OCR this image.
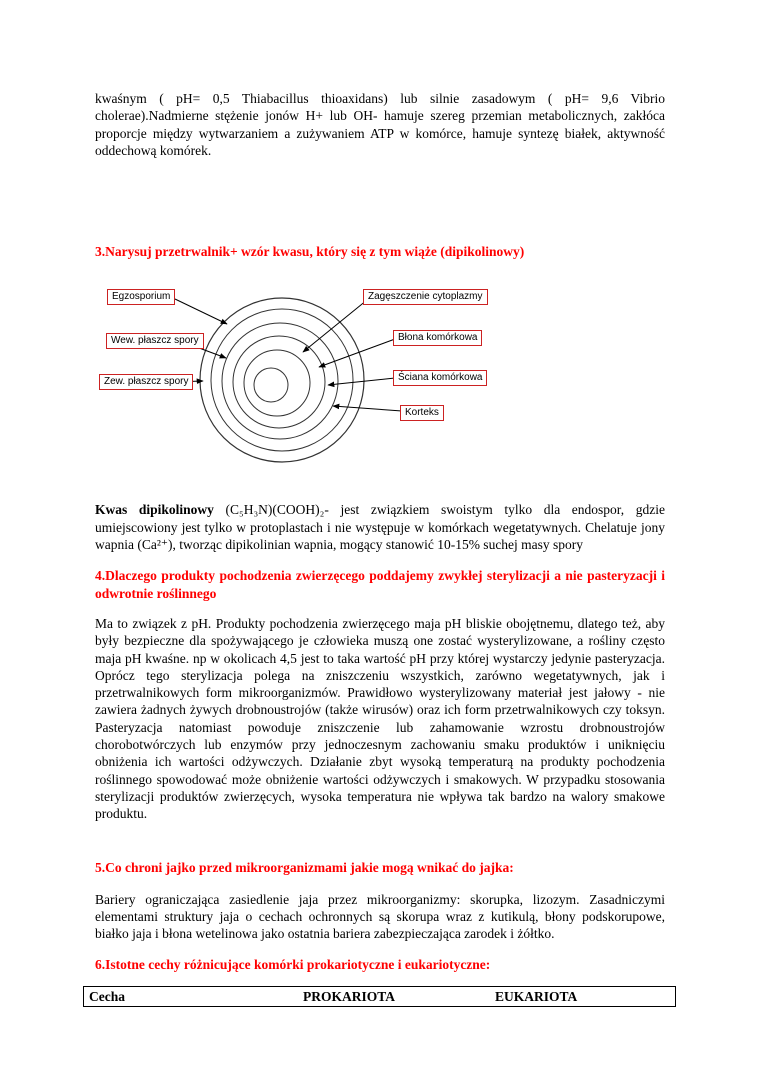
kwaśnym ( pH= 0,5 Thiabacillus thioaxidans) lub silnie zasadowym ( pH= 9,6 Vibrio cholerae).Nadmierne stężenie jonów H+ lub OH- hamuje szereg przemian metabolicznych, zakłóca proporcje między wytwarzaniem a zużywaniem ATP w komórce, hamuje syntezę białek, aktywność oddechową komórek.

3.Narysuj przetrwalnik+ wzór kwasu, który się z tym wiąże (dipikolinowy)

Egzosporium	Zagęszczenie cytoplazmy
Wew. płaszcz spory	Błona komórkowa
Zew. płaszcz spory	Ściana komórkowa
Korteks

Kwas dipikolinowy (C₅H₃N)(COOH)₂- jest związkiem swoistym tylko dla endospor, gdzie umiejscowiony jest tylko w protoplastach i nie występuje w komórkach wegetatywnych. Chelatuje jony wapnia (Ca²⁺), tworząc dipikolinian wapnia, mogący stanowić 10-15% suchej masy spory

4.Dlaczego produkty pochodzenia zwierzęcego poddajemy zwykłej sterylizacji a nie pasteryzacji i odwrotnie roślinnego

Ma to związek z pH. Produkty pochodzenia zwierzęcego maja pH bliskie obojętnemu, dlatego też, aby były bezpieczne dla spożywającego je człowieka muszą one zostać wysterylizowane, a rośliny często maja pH kwaśne. np w okolicach 4,5 jest to taka wartość pH przy której wystarczy jedynie pasteryzacja. Oprócz tego sterylizacja polega na zniszczeniu wszystkich, zarówno wegetatywnych, jak i przetrwalnikowych form mikroorganizmów. Prawidłowo wysterylizowany materiał jest jałowy - nie zawiera żadnych żywych drobnoustrojów (także wirusów) oraz ich form przetrwalnikowych czy toksyn. Pasteryzacja natomiast powoduje zniszczenie lub zahamowanie wzrostu drobnoustrojów chorobotwórczych lub enzymów przy jednoczesnym zachowaniu smaku produktów i uniknięciu obniżenia ich wartości odżywczych. Działanie zbyt wysoką temperaturą na produkty pochodzenia roślinnego spowodować może obniżenie wartości odżywczych i smakowych. W przypadku stosowania sterylizacji produktów zwierzęcych, wysoka temperatura nie wpływa tak bardzo na walory smakowe produktu.

5.Co chroni jajko przed mikroorganizmami jakie mogą wnikać do jajka:

Bariery ograniczająca zasiedlenie jaja przez mikroorganizmy: skorupka, lizozym. Zasadniczymi elementami struktury jaja o cechach ochronnych są skorupa wraz z kutikulą, błony podskorupowe, białko jaja i błona wetelinowa jako ostatnia bariera zabezpieczająca zarodek i żółtko.

6.Istotne cechy różnicujące komórki prokariotyczne i eukariotyczne:

Cecha	PROKARIOTA	EUKARIOTA
